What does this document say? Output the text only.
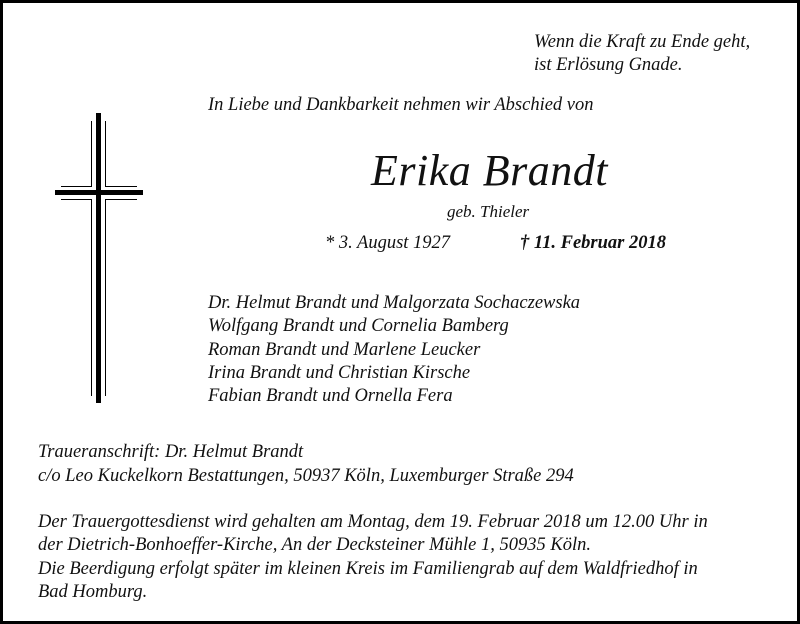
Wenn die Kraft zu Ende geht,
ist Erlösung Gnade.
In Liebe und Dankbarkeit nehmen wir Abschied von
Erika Brandt
geb. Thieler
* 3. August 1927	† 11. Februar 2018
Dr. Helmut Brandt und Malgorzata Sochaczewska
Wolfgang Brandt und Cornelia Bamberg
Roman Brandt und Marlene Leucker
Irina Brandt und Christian Kirsche
Fabian Brandt und Ornella Fera
Traueranschrift: Dr. Helmut Brandt
c/o Leo Kuckelkorn Bestattungen, 50937 Köln, Luxemburger Straße 294
Der Trauergottesdienst wird gehalten am Montag, dem 19. Februar 2018 um 12.00 Uhr in
der Dietrich-Bonhoeffer-Kirche, An der Decksteiner Mühle 1, 50935 Köln.
Die Beerdigung erfolgt später im kleinen Kreis im Familiengrab auf dem Waldfriedhof in
Bad Homburg.
